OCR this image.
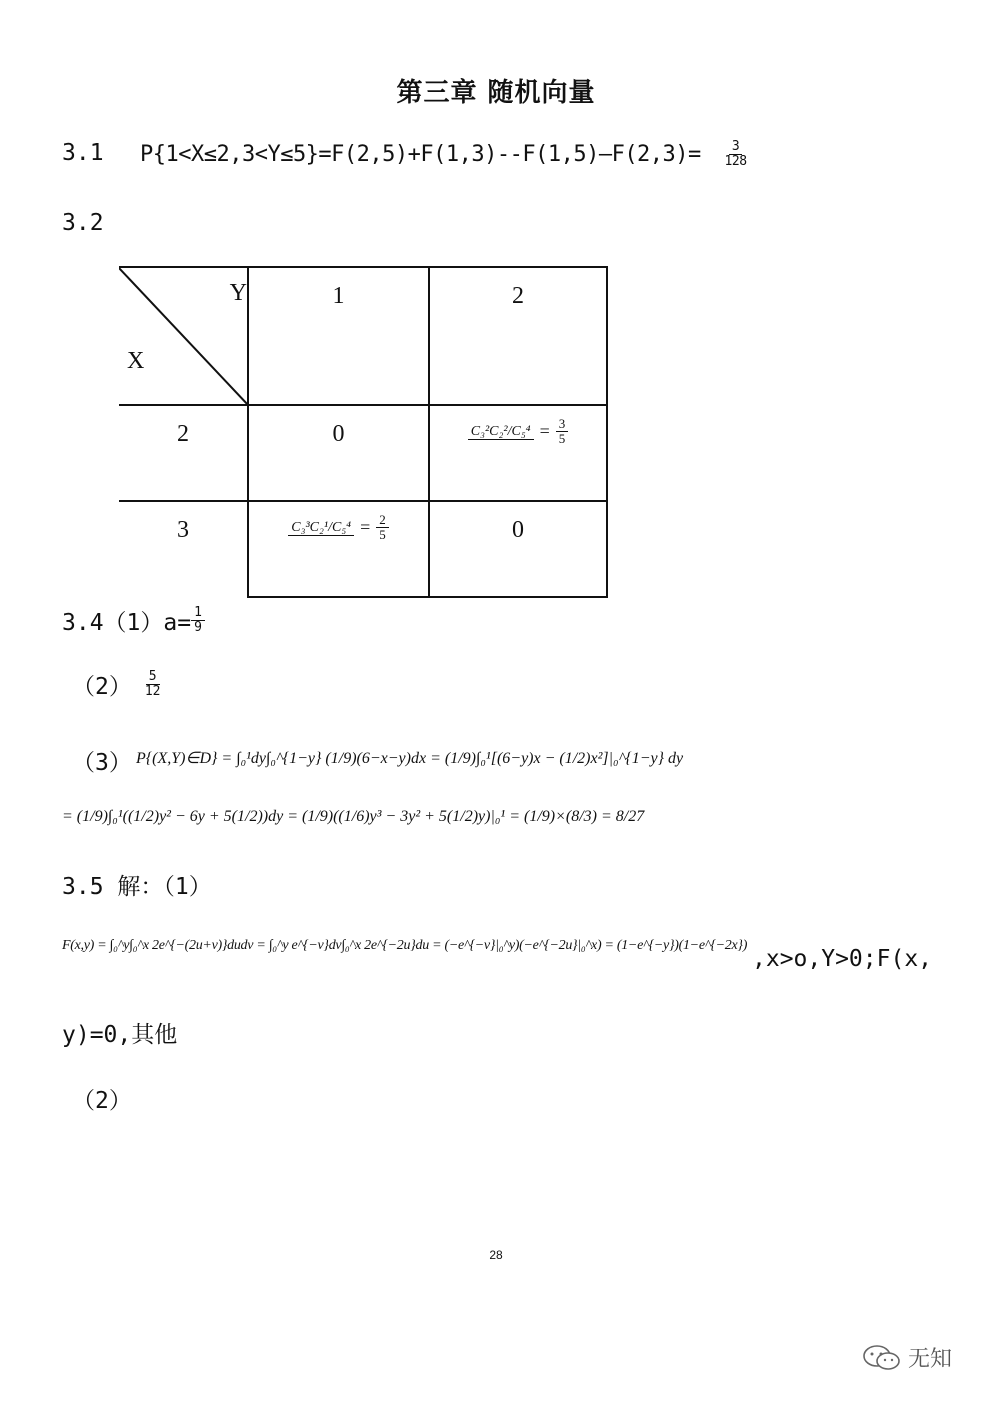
第三章 随机向量
3.1 P{1<X≤2,3<Y≤5}=F(2,5)+F(1,3)--F(1,5)—F(2,3)= $\frac{3}{128}$
3.2
Y
X	1	2

2	0	$C_3^2C_2^2/C_5^4 = \frac{3}{5}$

3	$C_3^3C_2^1/C_5^4 = \frac{2}{5}$	0
$3.4(1)a= \frac{1}{9}$
$(2) \frac{5}{12}$
（3） P{(X,Y)∈D} = ∫₀¹dy∫₀^{1−y} (1/9)(6−x−y)dx = (1/9)∫₀¹[(6−y)x − (1/2)x²]|₀^{1−y} dy
= (1/9)∫₀¹((1/2)y² − 6y + 5(1/2))dy = (1/9)((1/6)y³ − 3y² + 5(1/2)y)|₀¹ = (1/9)×(8/3) = 8/27
3.5 解：（1）
F(x,y) = ∫₀^y∫₀^x 2e^{−(2u+v)}dudv = ∫₀^y e^{−v}dv∫₀^x 2e^{−2u}du = (−e^{−v}|₀^y)(−e^{−2u}|₀^x) = (1−e^{−y})(1−e^{−2x})
,x>o,Y>0;F(x,
y)=0,其他
（2）
28
无知
